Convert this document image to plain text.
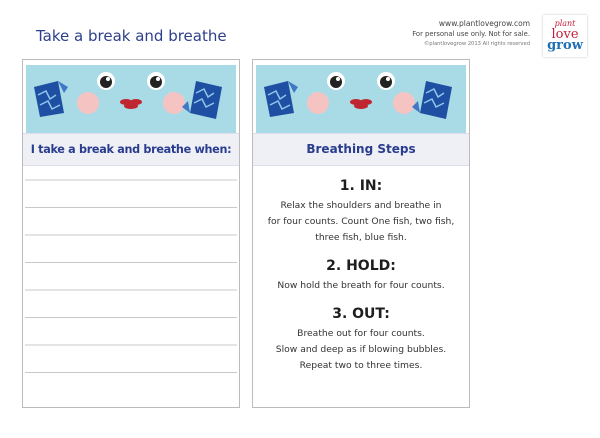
Take a break and breathe
www.plantlovegrow.com
For personal use only. Not for sale.
©plantlovegrow 2013 All rights reserved
plant
love
grow
I take a break and breathe when:	Breathing Steps
1. IN:
Relax the shoulders and breathe in
for four counts. Count One fish, two fish,
three fish, blue fish.
2. HOLD:
Now hold the breath for four counts.
3. OUT:
Breathe out for four counts.
Slow and deep as if blowing bubbles.
Repeat two to three times.
